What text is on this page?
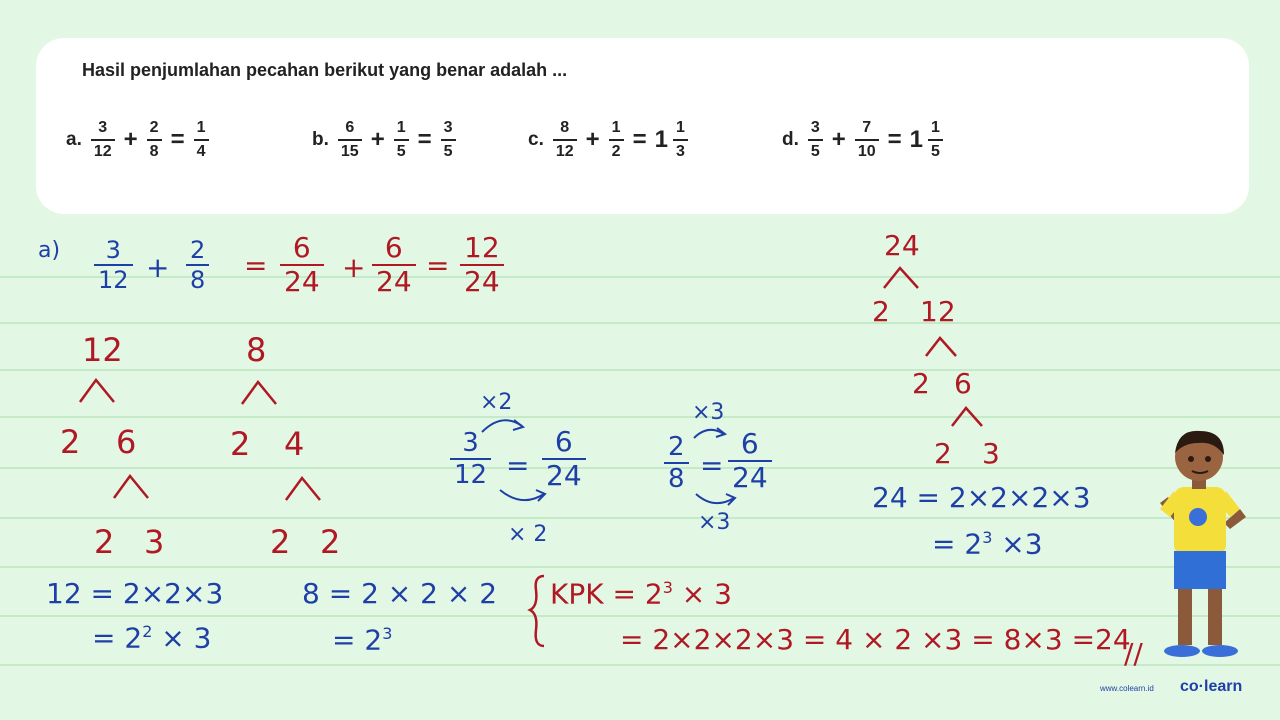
Hasil penjumlahan pecahan berikut yang benar adalah ...
a. $\frac{3}{12} + \frac{2}{8} = \frac{1}{4}$	b. $\frac{6}{15} + \frac{1}{5} = \frac{3}{5}$	c. $\frac{8}{12} + \frac{1}{2} = 1 \frac{1}{3}$	d. $\frac{3}{5} + \frac{7}{10} = 1 \frac{1}{5}$
a) 3
12 +
2
8 =
6
24 +
6
24 =
12
24
12
2 6
2 3
8
2 4
2 2
×2
3
12 =
6
24
× 2
×3
2
8 =
6
24
×3
24
2 12
2 6
2 3
24 = 2×2×2×3
= $2^3 \times 3$
12 = 2×2×3
= $2^2 \times 3$
8 = 2 × 2 × 2
= $2^3$
KPK = $2^3 \times 3$
= 2×2×2×3 = 4 × 2 ×3 = 8×3 =24
//
www.colearn.id co·learn
